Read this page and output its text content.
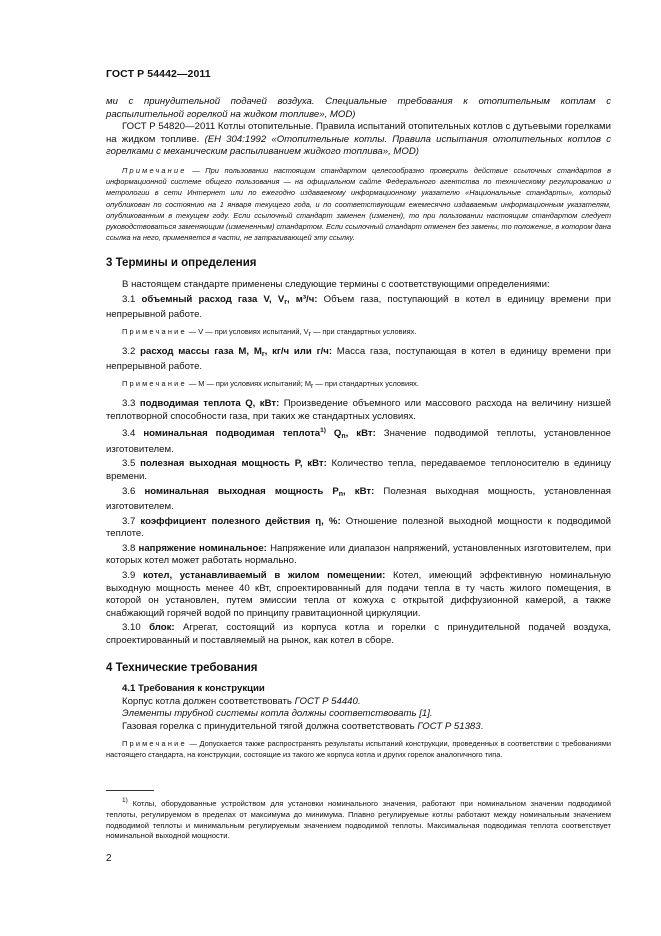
ГОСТ Р 54442—2011

ми с принудительной подачей воздуха. Специальные требования к отопительным котлам с распылительной горелкой на жидком топливе», MOD)

ГОСТ Р 54820—2011 Котлы отопительные. Правила испытаний отопительных котлов с дутьевыми горелками на жидком топливе. (ЕН 304:1992 «Отопительные котлы. Правила испытания отопительных котлов с горелками с механическим распыливанием жидкого топлива», MOD)

Примечание — При пользовании настоящим стандартом целесообразно проверить действие ссылочных стандартов в информационной системе общего пользования — на официальном сайте Федерального агентства по техническому регулированию и метрологии в сети Интернет или по ежегодно издаваемому информационному указателю «Национальные стандарты», который опубликован по состоянию на 1 января текущего года, и по соответствующим ежемесячно издаваемым информационным указателям, опубликованным в текущем году. Если ссылочный стандарт заменен (изменен), то при пользовании настоящим стандартом следует руководствоваться заменяющим (измененным) стандартом. Если ссылочный стандарт отменен без замены, то положение, в котором дана ссылка на него, применяется в части, не затрагивающей эту ссылку.

3 Термины и определения

В настоящем стандарте применены следующие термины с соответствующими определениями:

3.1 объемный расход газа V, $V_r$, м³/ч: Объем газа, поступающий в котел в единицу времени при непрерывной работе.

Примечание — V — при условиях испытаний, Vr — при стандартных условиях.

3.2 расход массы газа M, $M_r$, кг/ч или г/ч: Масса газа, поступающая в котел в единицу времени при непрерывной работе.

Примечание — M — при условиях испытаний; Mr — при стандартных условиях.

3.3 подводимая теплота Q, кВт: Произведение объемного или массового расхода на величину низшей теплотворной способности газа, при таких же стандартных условиях.

3.4 номинальная подводимая теплота$^{1)}$ $Q_n$, кВт: Значение подводимой теплоты, установленное изготовителем.

3.5 полезная выходная мощность P, кВт: Количество тепла, передаваемое теплоносителю в единицу времени.

3.6 номинальная выходная мощность $P_n$, кВт: Полезная выходная мощность, установленная изготовителем.

3.7 коэффициент полезного действия η, %: Отношение полезной выходной мощности к подводимой теплоте.

3.8 напряжение номинальное: Напряжение или диапазон напряжений, установленных изготовителем, при которых котел может работать нормально.

3.9 котел, устанавливаемый в жилом помещении: Котел, имеющий эффективную номинальную выходную мощность менее 40 кВт, спроектированный для подачи тепла в ту часть жилого помещения, в которой он установлен, путем эмиссии тепла от кожуха с открытой диффузионной камерой, а также снабжающий горячей водой по принципу гравитационной циркуляции.

3.10 блок: Агрегат, состоящий из корпуса котла и горелки с принудительной подачей воздуха, спроектированный и поставляемый на рынок, как котел в сборе.

4 Технические требования

4.1 Требования к конструкции

Корпус котла должен соответствовать ГОСТ Р 54440.

Элементы трубной системы котла должны соответствовать [1].

Газовая горелка с принудительной тягой должна соответствовать ГОСТ Р 51383.

Примечание — Допускается также распространять результаты испытаний конструкции, проведенных в соответствии с требованиями настоящего стандарта, на конструкции, состоящие из такого же корпуса котла и других горелок аналогичного типа.

1) Котлы, оборудованные устройством для установки номинального значения, работают при номинальном значении подводимой теплоты, регулируемом в пределах от максимума до минимума. Плавно регулируемые котлы работают между номинальным значением подводимой теплоты и минимальным регулируемым значением подводимой теплоты. Максимальная подводимая теплота соответствует номинальной выходной мощности.

2
